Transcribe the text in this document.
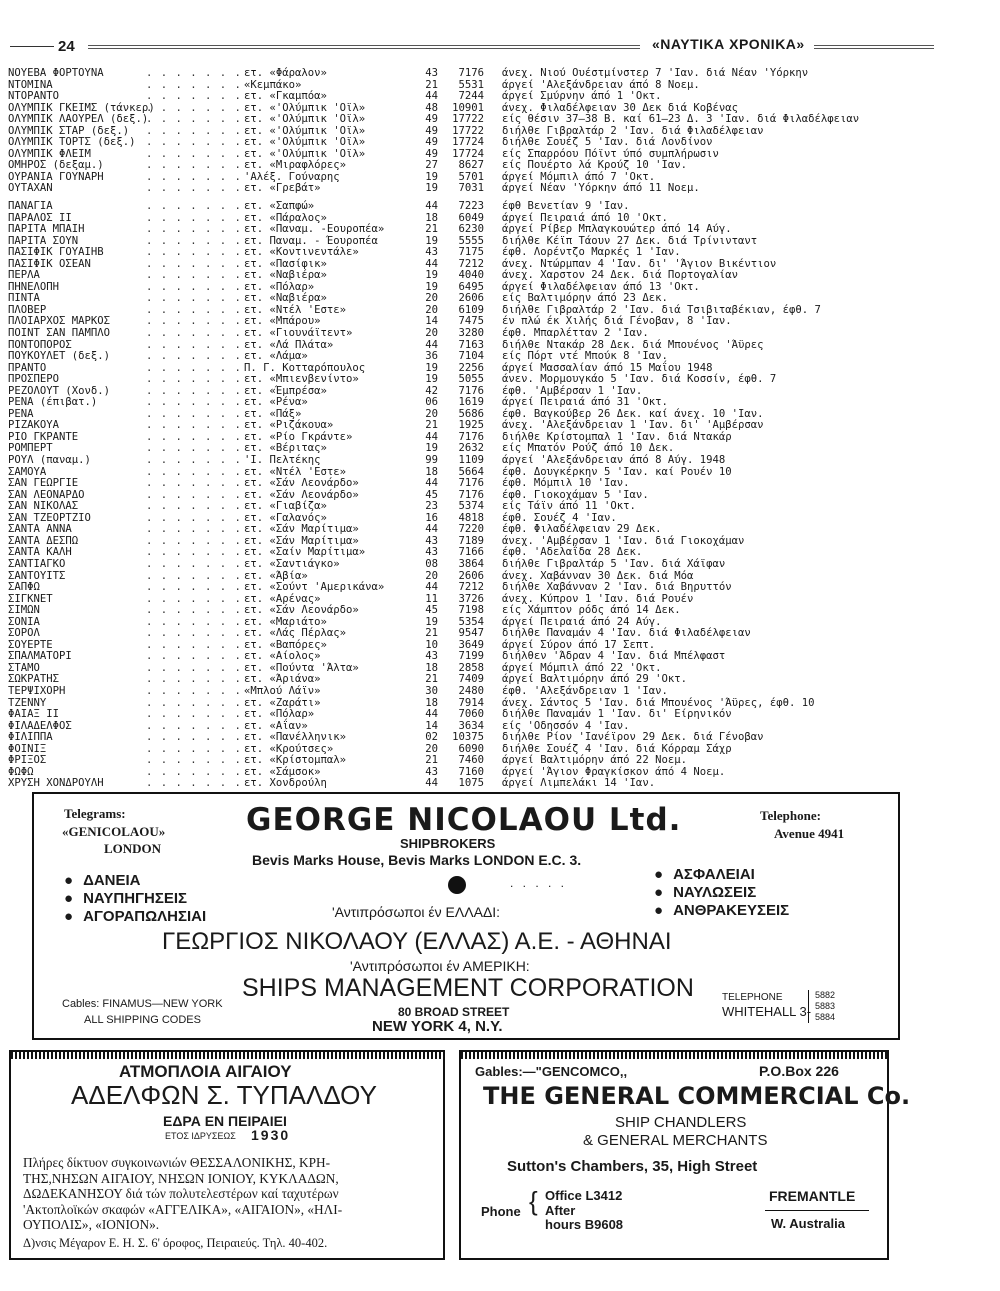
24	«ΝΑΥΤΙΚΑ ΧΡΟΝΙΚΑ»
. . . . . . .
ΝΟΥΕΒΑ ΦΟΡΤΟΥΝΑ	ετ. «Φάραλον»	43	7176 άνεχ. Νιού Ουέστμίνστερ 7 'Ιαν. διά Νέαν 'Υόρκην
. . . . . . .
ΝΤΟΜΙΝΑ	«Κεμπάκο»	21	5531 άργεί 'Αλεξάνδρειαν άπό 8 Νοεμ.
. . . . . . .
ΝΤΟΡΑΝΤΟ	ετ. «Γκαμπόα»	44	7244 άργεί Σμύρνην άπό 1 'Οκτ.
. . . . . . .
ΟΛΥΜΠΙΚ ΓΚΕΙΜΣ (τάνκερ)	ετ. «'Ολύμπικ 'Οϊλ»	48	10901 άνεχ. Φιλαδέλφειαν 30 Δεκ διά Κοβένας
. . . . . . .
ΟΛΥΜΠΙΚ ΛΑΟΥΡΕΛ (δεξ.)	ετ. «'Ολύμπικ 'Οϊλ»	49	17722 είς θέσιν 37—38 Β. καί 61—23 Δ. 3 'Ιαν. διά Φιλαδέλφειαν
. . . . . . .
ΟΛΥΜΠΙΚ ΣΤΑΡ (δεξ.)	ετ. «'Ολύμπικ 'Οϊλ»	49	17722 διήλθε Γιβραλτάρ 2 'Ιαν. διά Φιλαδέλφειαν
. . . . . . .
ΟΛΥΜΠΙΚ ΤΟΡΤΣ (δεξ.)	ετ. «'Ολύμπικ 'Οϊλ»	49	17724 διήλθε Σουέζ 5 'Ιαν. διά Λονδίνον
. . . . . . .
ΟΛΥΜΠΙΚ ΦΛΕΙΜ	ετ. «'Ολύμπικ 'Οϊλ»	49	17724 είς Σπαρρόου Πόϊντ ύπό συμπλήρωσιν
. . . . . . .
ΟΜΗΡΟΣ (δεξαμ.)	ετ. «Μιραφλόρες»	27	8627 είς Πουέρτο λά Κρούζ 10 'Ιαν.
. . . . . . .
ΟΥΡΑΝΙΑ ΓΟΥΝΑΡΗ	'Αλέξ. Γούναρης	19	5701 άργεί Μόμπιλ άπό 7 'Οκτ.
. . . . . . .
ΟΥΤΑΧΑΝ	ετ. «Γρεβάτ»	19	7031 άργεί Νέαν 'Υόρκην άπό 11 Νοεμ.
. . . . . . .
ΠΑΝΑΓΙΑ	ετ. «Σαπφώ»	44	7223 έφθ Βενετίαν 9 'Ιαν.
. . . . . . .
ΠΑΡΑΛΟΣ ΙΙ	ετ. «Πάραλος»	18	6049 άργεί Πειραιά άπό 10 'Οκτ.
. . . . . . .
ΠΑΡΙΤΑ ΜΠΑΙΗ	ετ. «Παναμ. -Εουροπέα»	21	6230 άργεί Ρίβερ Μπλαγκουώτερ άπό 14 Αύγ.
. . . . . . .
ΠΑΡΙΤΑ ΣΟΥΝ	ετ. Παναμ. - Έουροπέα	19	5555 διήλθε Κέϊπ Τάουν 27 Δεκ. διά Τρίνινταντ
. . . . . . .
ΠΑΣΙΦΙΚ ΓΟΥΑΙΗΒ	ετ. «Κοντινεντάλε»	43	7175 έφθ. Λορέντζο Μαρκές 1 'Ιαν.
. . . . . . .
ΠΑΣΙΦΙΚ ΟΣΕΑΝ	ετ. «Πασίφικ»	44	7212 άνεχ. Ντώρμπαν 4 'Ιαν. δι' 'Άγιον Βικέντιον
. . . . . . .
ΠΕΡΛΑ	ετ. «Ναβιέρα»	19	4040 άνεχ. Χαρστον 24 Δεκ. διά Πορτογαλίαν
. . . . . . .
ΠΗΝΕΛΟΠΗ	ετ. «Πόλαρ»	19	6495 άργεί Φιλαδέλφειαν άπό 13 'Οκτ.
. . . . . . .
ΠΙΝΤΑ	ετ. «Ναβιέρα»	20	2606 είς Βαλτιμόρην άπό 23 Δεκ.
. . . . . . .
ΠΛΟΒΕΡ	ετ. «Ντέλ 'Εστε»	20	6109 διήλθε Γιβραλτάρ 2 'Ιαν. διά Τσιβιταβέκιαν, έφθ. 7
. . . . . . .
ΠΛΟΙΑΡΧΟΣ ΜΑΡΚΟΣ	ετ. «Μπάρου»	14	7475 έν πλώ έκ Χιλής διά Γένοβαν, 8 'Ιαν.
. . . . . . .
ΠΟΙΝΤ ΣΑΝ ΠΑΜΠΛΟ	ετ. «Γιουνάϊτεντ»	20	3280 έφθ. Μπαρλέτταν 2 'Ιαν.
. . . . . . .
ΠΟΝΤΟΠΟΡΟΣ	ετ. «Λά Πλάτα»	44	7163 διήλθε Ντακάρ 28 Δεκ. διά Μπουένος 'Άϋρες
. . . . . . .
ΠΟΥΚΟΥΛΕΤ (δεξ.)	ετ. «Λάμα»	36	7104 είς Πόρτ ντέ Μπούκ 8 'Ιαν.
. . . . . . .
ΠΡΑΝΤΟ	Π. Γ. Κοτταρόπουλος	19	2256 άργεί Μασσαλίαν άπό 15 Μαΐου 1948
. . . . . . .
ΠΡΟΣΠΕΡΟ	ετ. «Μπιενβενίντο»	19	5055 άνεν. Μορμουγκάο 5 'Ιαν. διά Κοσσίν, έφθ. 7
. . . . . . .
ΡΕΖΟΛΟΥΤ (Χονδ.)	ετ. «Έμπρέσα»	42	7176 έφθ. 'Αμβέρσαν 1 'Ιαν.
. . . . . . .
ΡΕΝΑ (έπιβατ.)	ετ. «Ρένα»	06	1619 άργεί Πειραιά άπό 31 'Οκτ.
. . . . . . .
ΡΕΝΑ	ετ. «Πάξ»	20	5686 έφθ. Βαγκούβερ 26 Δεκ. καί άνεχ. 10 'Ιαν.
. . . . . . .
ΡΙΖΑΚΟΥΑ	ετ. «Ριζάκουα»	21	1925 άνεχ. 'Αλεξάνδρειαν 1 'Ιαν. δι' 'Αμβέρσαν
. . . . . . .
ΡΙΟ ΓΚΡΑΝΤΕ	ετ. «Ρίο Γκράντε»	44	7176 διήλθε Κρίστομπαλ 1 'Ιαν. διά Ντακάρ
. . . . . . .
ΡΟΜΠΕΡΤ	ετ. «Βέριτας»	19	2632 είς Μπατόν Ρούζ άπό 10 Δεκ.
. . . . . . .
ΡΟΥΛ (παναμ.)	'Ι. Πελτέκης	99	1109 άργεί 'Αλεξάνδρειαν άπό 8 Αύγ. 1948
. . . . . . .
ΣΑΜΟΥΑ	ετ. «Ντέλ 'Εστε»	18	5664 έφθ. Δουγκέρκην 5 'Ιαν. καί Ρουέν 10
. . . . . . .
ΣΑΝ ΓΕΩΡΓΙΕ	ετ. «Σάν Λεονάρδο»	44	7176 έφθ. Μόμπιλ 10 'Ιαν.
. . . . . . .
ΣΑΝ ΛΕΟΝΑΡΔΟ	ετ. «Σάν Λεονάρδο»	45	7176 έφθ. Γιοκοχάμαν 5 'Ιαν.
. . . . . . .
ΣΑΝ ΝΙΚΟΛΑΣ	ετ. «Γιαβίζα»	23	5374 είς Τάϊν άπό 11 'Οκτ.
. . . . . . .
ΣΑΝ ΤΖΕΟΡΤΖΙΟ	ετ. «Γαλανός»	16	4818 έφθ. Σουέζ 4 'Ιαν.
. . . . . . .
ΣΑΝΤΑ ΑΝΝΑ	ετ. «Σάν Μαρίτιμα»	44	7220 έφθ. Φιλαδέλφειαν 29 Δεκ.
. . . . . . .
ΣΑΝΤΑ ΔΕΣΠΩ	ετ. «Σάν Μαρίτιμα»	43	7189 άνεχ. 'Αμβέρσαν 1 'Ιαν. διά Γιοκοχάμαν
. . . . . . .
ΣΑΝΤΑ ΚΑΛΗ	ετ. «Σαίν Μαρίτιμα»	43	7166 έφθ. 'Αδελαΐδα 28 Δεκ.
. . . . . . .
ΣΑΝΤΙΑΓΚΟ	ετ. «Σαντιάγκο»	08	3864 διήλθε Γιβραλτάρ 5 'Ιαν. διά Χάϊφαν
. . . . . . .
ΣΑΝΤΟΥΙΤΣ	ετ. «Άβία»	20	2606 άνεχ. Χαβάνναν 30 Δεκ. διά Μόα
. . . . . . .
ΣΑΠΦΩ	ετ. «Σούντ 'Αμερικάνα»	44	7212 διήλθε Χαβάνναν 2 'Ιαν. διά Βηρυττόν
. . . . . . .
ΣΙΓΚΝΕΤ	ετ. «Αρένας»	11	3726 άνεχ. Κύπρον 1 'Ιαν. διά Ρουέν
. . . . . . .
ΣΙΜΩΝ	ετ. «Σάν Λεονάρδο»	45	7198 είς Χάμπτον ρόδς άπό 14 Δεκ.
. . . . . . .
ΣΟΝΙΑ	ετ. «Μαριάτο»	19	5354 άργεί Πειραιά άπό 24 Αύγ.
. . . . . . .
ΣΟΡΟΛ	ετ. «Λάς Πέρλας»	21	9547 διήλθε Παναμάν 4 'Ιαν. διά Φιλαδέλφειαν
. . . . . . .
ΣΟΥΕΡΤΕ	ετ. «Βαπόρες»	10	3649 άργεί Σύρον άπό 17 Σεπτ.
. . . . . . .
ΣΠΑΛΜΑΤΟΡΙ	ετ. «Αίολος»	43	7199 διήλθεν 'Άδραν 4 'Ιαν. διά Μπέλφαστ
. . . . . . .
ΣΤΑΜΟ	ετ. «Πούντα 'Άλτα»	18	2858 άργεί Μόμπιλ άπό 22 'Οκτ.
. . . . . . .
ΣΩΚΡΑΤΗΣ	ετ. «Άριάνα»	21	7409 άργεί Βαλτιμόρην άπό 29 'Οκτ.
. . . . . . .
ΤΕΡΨΙΧΟΡΗ	«Μπλού Λάϊν»	30	2480 έφθ. 'Αλεξάνδρειαν 1 'Ιαν.
. . . . . . .
ΤΖΕΝΝΥ	ετ. «Ζαράτι»	18	7914 άνεχ. Σάντος 5 'Ιαν. διά Μπουένος 'Άϋρες, έφθ. 10
. . . . . . .
ΦΑΙΑΞ ΙΙ	ετ. «Πόλαρ»	44	7060 διήλθε Παναμάν 1 'Ιαν. δι' Είρηνικόν
. . . . . . .
ΦΙΛΑΔΕΛΦΟΣ	ετ. «Αΐαν»	14	3634 είς 'Οδησσόν 4 'Ιαν.
. . . . . . .
ΦΙΛΙΠΠΑ	ετ. «Πανέλληνικ»	02	10375 διήλθε Ρίον 'Ιανέϊρον 29 Δεκ. διά Γένοβαν
. . . . . . .
ΦΟΙΝΙΞ	ετ. «Κρούτσες»	20	6090 διήλθε Σουέζ 4 'Ιαν. διά Κόρραμ Σάχρ
. . . . . . .
ΦΡΙΞΟΣ	ετ. «Κρίστομπαλ»	21	7460 άργεί Βαλτιμόρην άπό 22 Νοεμ.
. . . . . . .
ΦΩΦΩ	ετ. «Σάμσοκ»	43	7160 άργεί 'Άγιον Φραγκίσκον άπό 4 Νοεμ.
. . . . . . .
ΧΡΥΣΗ ΧΟΝΔΡΟΥΛΗ	ετ. Χονδρούλη	44	1075 άργεί Λιμπελάκι 14 'Ιαν.
Telegrams:
«GENICOLAOU»
LONDON
GEORGE NICOLAOU Ltd.	Telephone:
Avenue 4941
SHIPBROKERS
Bevis Marks House, Bevis Marks LONDON E.C. 3.
. . . . .
● ΔΑΝΕΙΑ
● ΝΑΥΠΗΓΗΣΕΙΣ
● ΑΓΟΡΑΠΩΛΗΣΙΑΙ
● ΑΣΦΑΛΕΙΑΙ
● ΝΑΥΛΩΣΕΙΣ
● ΑΝΘΡΑΚΕΥΣΕΙΣ
'Αντιπρόσωποι έν ΕΛΛΑΔΙ:
ΓΕΩΡΓΙΟΣ ΝΙΚΟΛΑΟΥ (ΕΛΛΑΣ) Α.Ε. - ΑΘΗΝΑΙ
'Αντιπρόσωποι έν ΑΜΕΡΙΚΗ:
Cables: FINAMUS—NEW YORK
ALL SHIPPING CODES
SHIPS MANAGEMENT CORPORATION
80 BROAD STREET
NEW YORK 4, N.Y.
TELEPHONE
WHITEHALL 3-
5882
5883
5884
ΑΤΜΟΠΛΟΙΑ ΑΙΓΑΙΟΥ
ΑΔΕΛΦΩΝ Σ. ΤΥΠΑΛΔΟΥ
ΕΔΡΑ ΕΝ ΠΕΙΡΑΙΕΙ
ΕΤΟΣ ΙΔΡΥΣΕΩΣ 1930
Πλήρες δίκτυον συγκοινωνιών ΘΕΣΣΑΛΟΝΙΚΗΣ, ΚΡΗ-
ΤΗΣ,ΝΗΣΩΝ ΑΙΓΑΙΟΥ, ΝΗΣΩΝ ΙΟΝΙΟΥ, ΚΥΚΛΑΔΩΝ,
ΔΩΔΕΚΑΝΗΣΟΥ διά τών πολυτελεστέρων καί ταχυτέρων
'Ακτοπλοϊκών σκαφών «ΑΓΓΕΛΙΚΑ», «ΑΙΓΑΙΟΝ», «ΗΛΙ-
ΟΥΠΟΛΙΣ», «ΙΟΝΙΟΝ».
Δ)νσις Μέγαρον Ε. Η. Σ. 6' όροφος, Πειραιεύς. Τηλ. 40-402.
Gables:—"GENCOMCO,,	P.O.Box 226
THE GENERAL COMMERCIAL Co.
SHIP CHANDLERS
& GENERAL MERCHANTS
Sutton's Chambers, 35, High Street
Phone { Office L3412
After
hours B9608
FREMANTLE
W. Australia
